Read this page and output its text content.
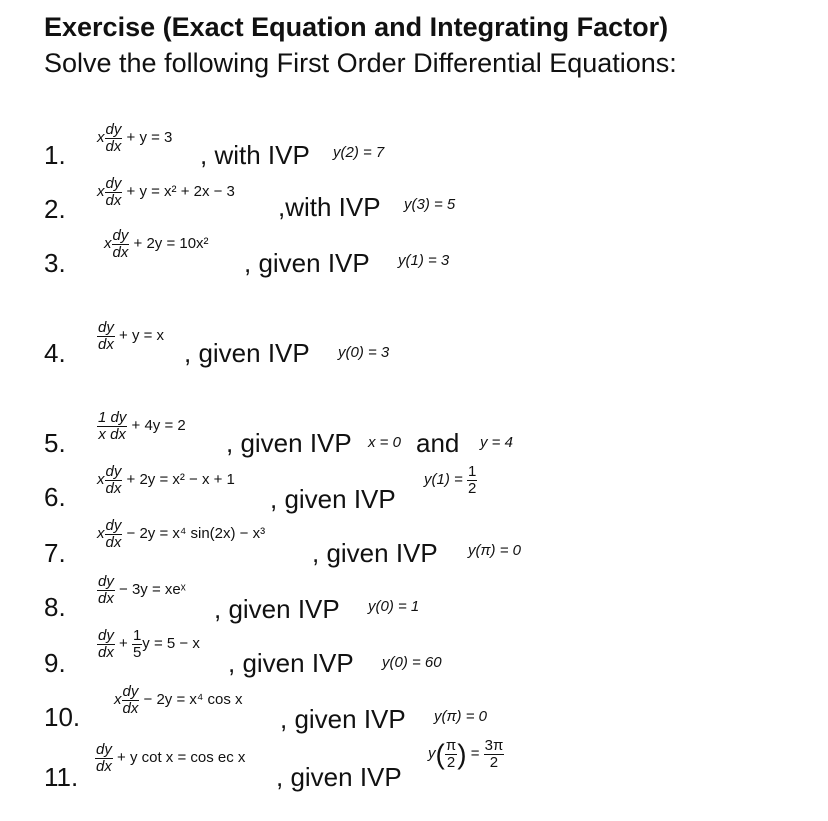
Exercise (Exact Equation and Integrating Factor)
Solve the following First Order Differential Equations:
1.
x $\frac{dy}{dx} + y = 3$
, with IVP y(2) = 7
2.
x $\frac{dy}{dx} + y = x^2 + 2x - 3$
,with IVP y(3) = 5
3.
x $\frac{dy}{dx} + 2y = 10x^2$
, given IVP y(1) = 3
4.
$\frac{dy}{dx} + y = x$
, given IVP y(0) = 3
5.
$\frac{1 dy}{\text{x dx}} + 4y = 2$
, given IVP x = 0 and y = 4
6.
x $\frac{dy}{dx} + 2y = x^2 - x + 1$
, given IVP
$y(1) = \frac{1}{2}$
7.
x $\frac{dy}{dx} - 2y = x^4$ sin(2x) − x³
, given IVP y(π) = 0
8.
$\frac{dy}{dx} - 3y$ = xeˣ
, given IVP y(0) = 1
9.
$\frac{dy}{dx} + \frac{1}{5}$ y = 5 − x
, given IVP y(0) = 60
10.
x $\frac{dy}{dx} - 2y = x^4$ cos x
, given IVP y(π) = 0
11.
$\frac{dy}{dx} + y$ cot x = cos ec x
, given IVP
$y( \frac{\pi}{2}$ ) = $\frac{3\pi}{2}$
